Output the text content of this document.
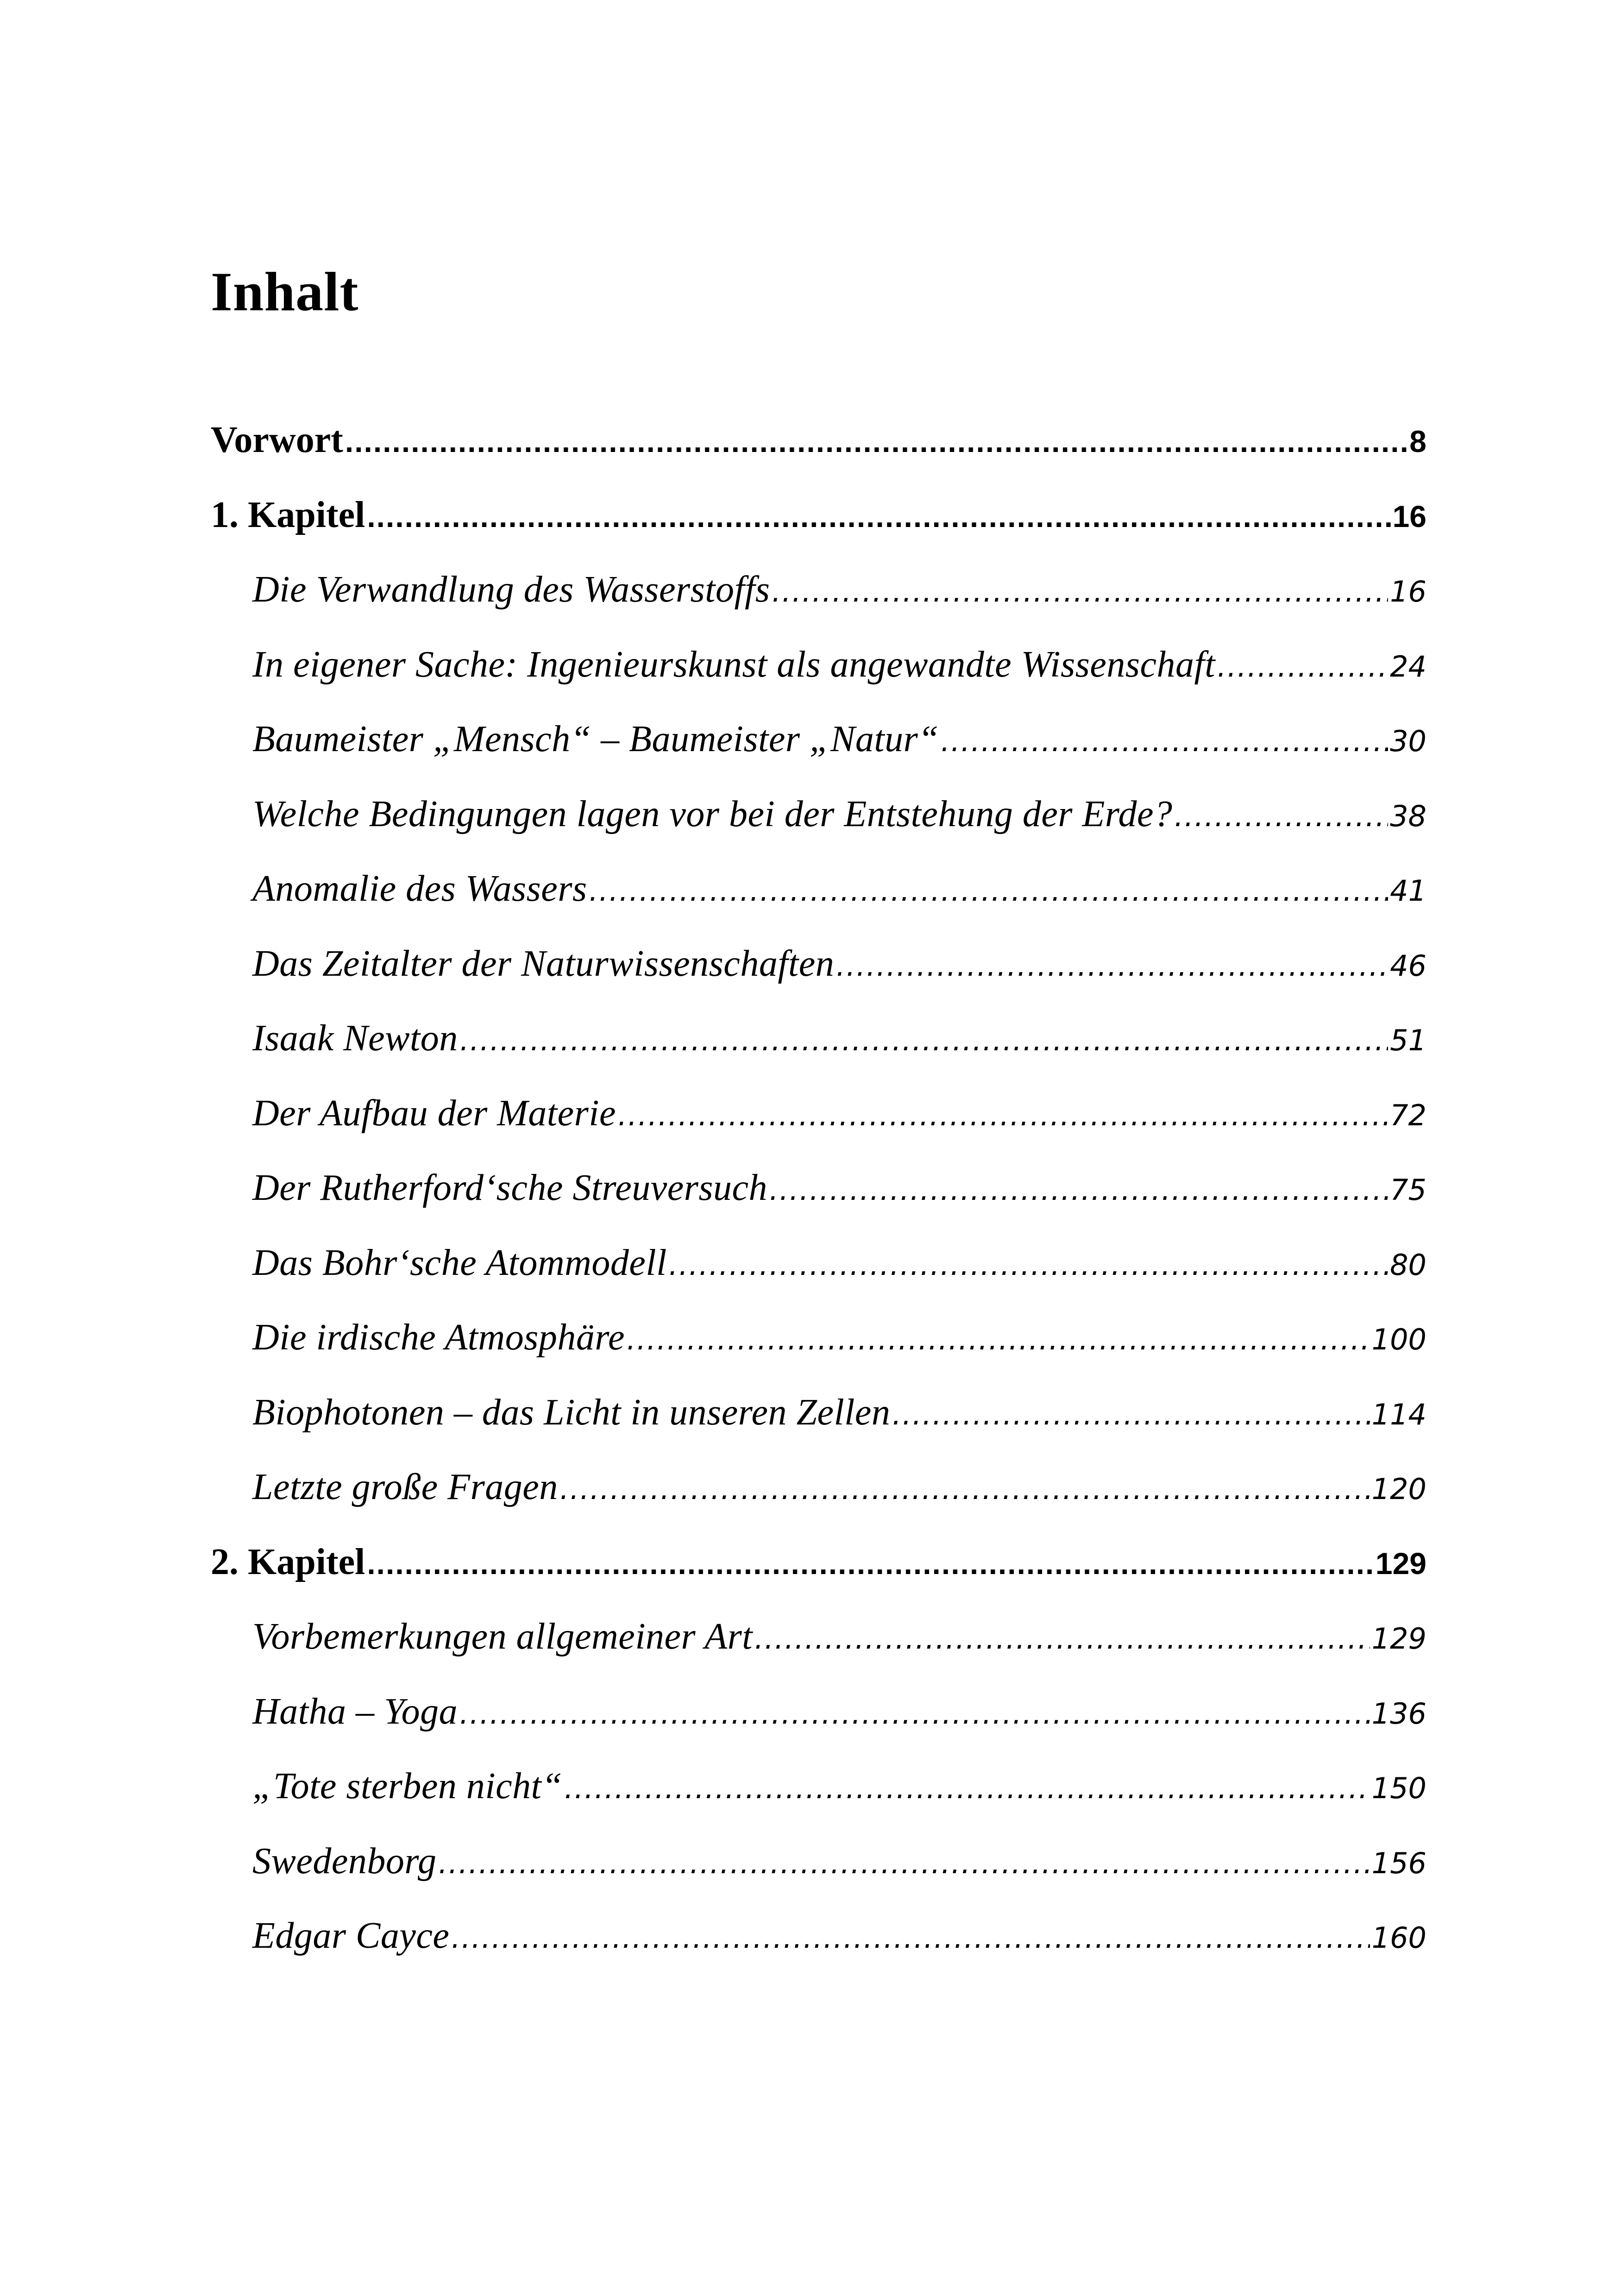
Inhalt
Vorwort .....	8
1. Kapitel .....	16
Die Verwandlung des Wasserstoffs .....	16
In eigener Sache: Ingenieurskunst als angewandte Wissenschaft .....	24
Baumeister „Mensch“ – Baumeister „Natur“ .....	30
Welche Bedingungen lagen vor bei der Entstehung der Erde? .....	38
Anomalie des Wassers .....	41
Das Zeitalter der Naturwissenschaften .....	46
Isaak Newton .....	51
Der Aufbau der Materie .....	72
Der Rutherford‘sche Streuversuch .....	75
Das Bohr‘sche Atommodell .....	80
Die irdische Atmosphäre .....	100
Biophotonen – das Licht in unseren Zellen .....	114
Letzte große Fragen .....	120
2. Kapitel .....	129
Vorbemerkungen allgemeiner Art .....	129
Hatha – Yoga .....	136
„Tote sterben nicht“ .....	150
Swedenborg .....	156
Edgar Cayce .....	160
